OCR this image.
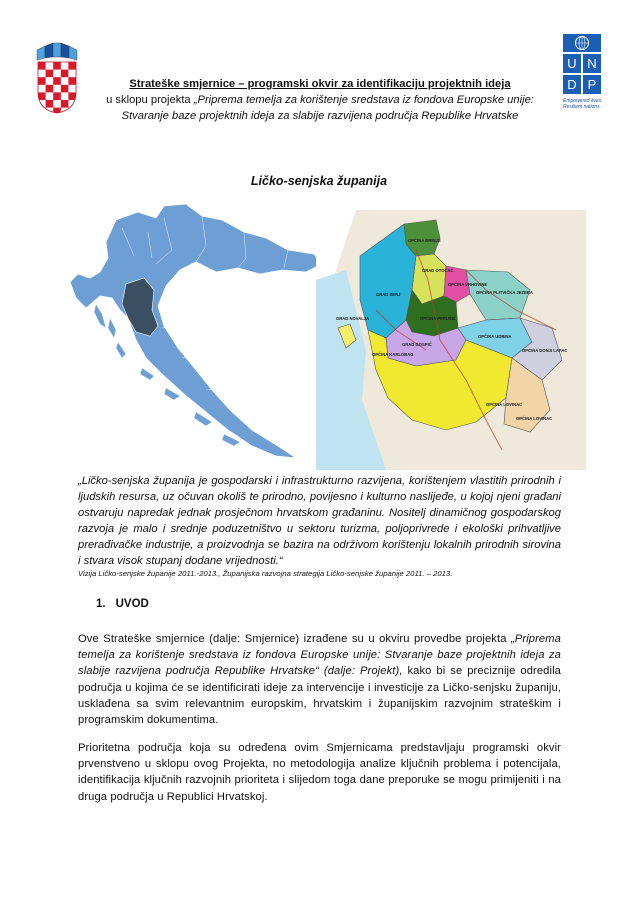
U N
D P
Empowered lives.
Resilient nations.
Strateške smjernice – programski okvir za identifikaciju projektnih ideja
u sklopu projekta „Priprema temelja za korištenje sredstava iz fondova Europske unije:
Stvaranje baze projektnih ideja za slabije razvijena područja Republike Hrvatske
Ličko-senjska županija
OPĆINA BRINJE
GRAD OTOČAC
GRAD SENJ
OPĆINA VRHOVINE
OPĆINA PLITVIČKA JEZERA
GRAD GOSPIĆ
OPĆINA PERUŠIĆ
OPĆINA UDBINA
OPĆINA LOVINAC
OPĆINA DONJI LAPAC
GRAD NOVALJA
OPĆINA KARLOBAG
OPĆINA LOVINAC
„Ličko-senjska županija je gospodarski i infrastrukturno razvijena, korištenjem vlastitih prirodnih i ljudskih resursa, uz očuvan okoliš te prirodno, povijesno i kulturno naslijeđe, u kojoj njeni građani ostvaruju napredak jednak prosječnom hrvatskom građaninu. Nositelj dinamičnog gospodarskog razvoja je malo i srednje poduzetništvo u sektoru turizma, poljoprivrede i ekološki prihvatljive prerađivačke industrije, a proizvodnja se bazira na održivom korištenju lokalnih prirodnih sirovina i stvara visok stupanj dodane vrijednosti.“
Vizija Ličko-senjske županije 2011.-2013., Županijska razvojna strategija Ličko-senjske županije 2011. – 2013.
1. UVOD
Ove Strateške smjernice (dalje: Smjernice) izrađene su u okviru provedbe projekta „Priprema temelja za korištenje sredstava iz fondova Europske unije: Stvaranje baze projektnih ideja za slabije razvijena područja Republike Hrvatske“ (dalje: Projekt), kako bi se preciznije odredila područja u kojima će se identificirati ideje za intervencije i investicije za Ličko-senjsku županiju, usklađena sa svim relevantnim europskim, hrvatskim i županijskim razvojnim strateškim i programskim dokumentima.
Prioritetna područja koja su određena ovim Smjernicama predstavljaju programski okvir prvenstveno u sklopu ovog Projekta, no metodologija analize ključnih problema i potencijala, identifikacija ključnih razvojnih prioriteta i slijedom toga dane preporuke se mogu primijeniti i na druga područja u Republici Hrvatskoj.
